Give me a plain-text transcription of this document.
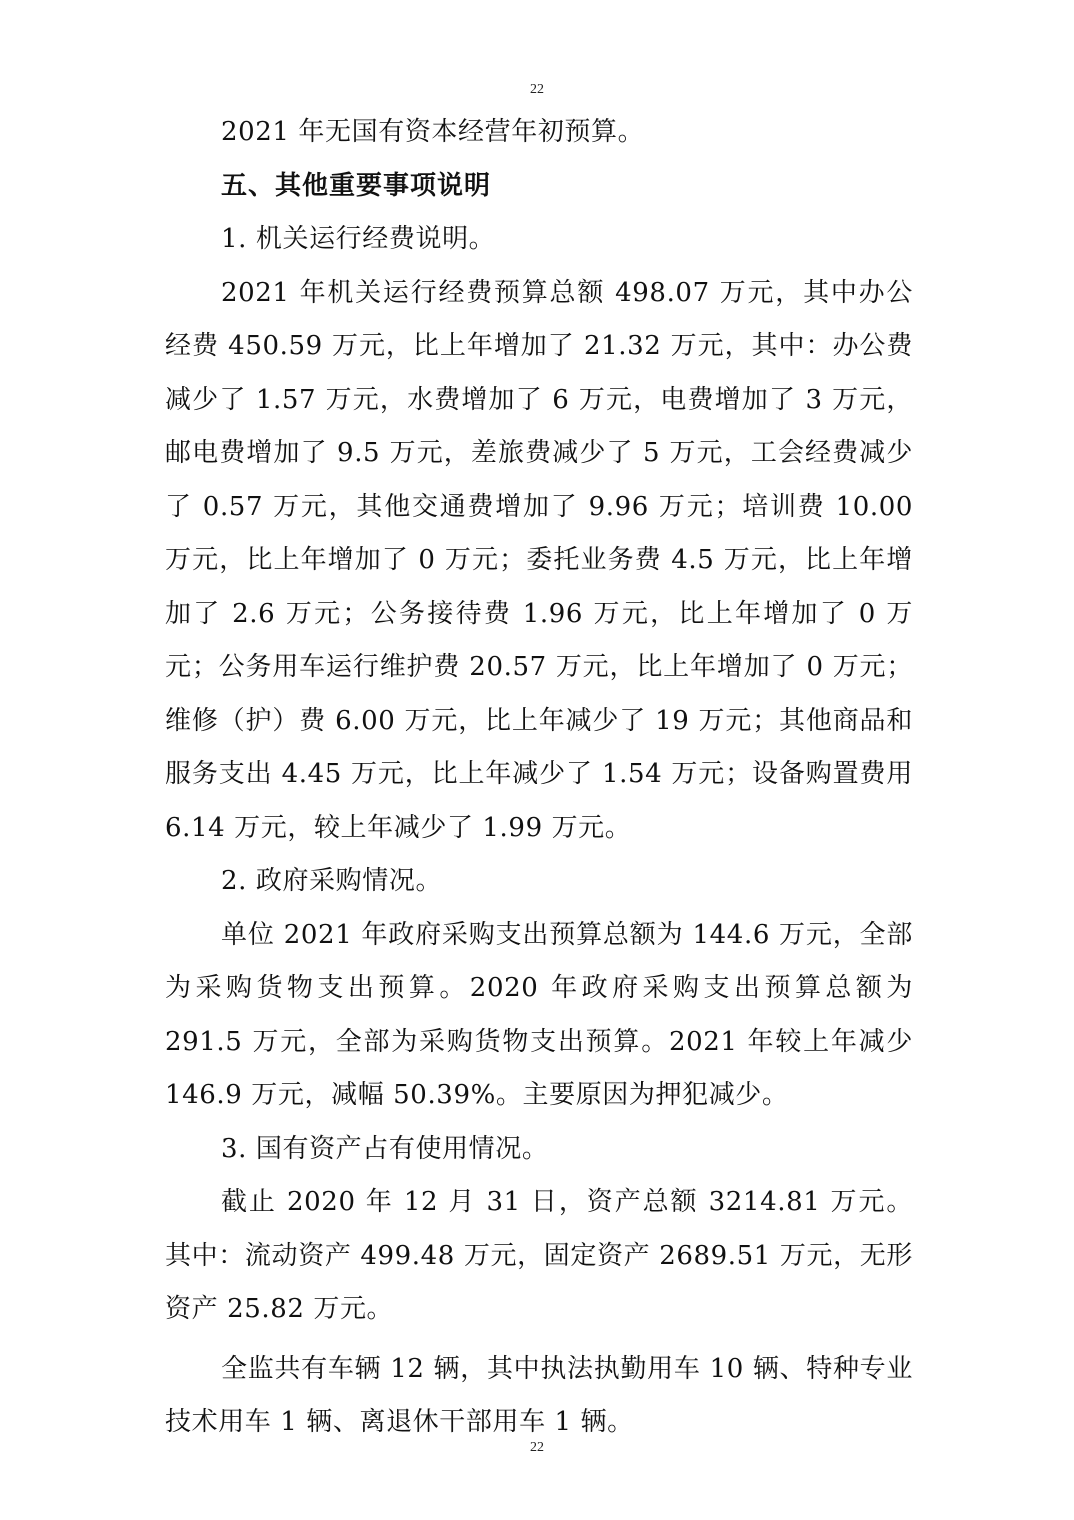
22

2021 年无国有资本经营年初预算。

五、其他重要事项说明

1. 机关运行经费说明。

2021 年机关运行经费预算总额 498.07 万元，其中办公经费 450.59 万元，比上年增加了 21.32 万元，其中：办公费减少了 1.57 万元，水费增加了 6 万元，电费增加了 3 万元，邮电费增加了 9.5 万元，差旅费减少了 5 万元，工会经费减少了 0.57 万元，其他交通费增加了 9.96 万元；培训费 10.00 万元，比上年增加了 0 万元；委托业务费 4.5 万元，比上年增加了 2.6 万元；公务接待费 1.96 万元，比上年增加了 0 万元；公务用车运行维护费 20.57 万元，比上年增加了 0 万元；维修（护）费 6.00 万元，比上年减少了 19 万元；其他商品和服务支出 4.45 万元，比上年减少了 1.54 万元；设备购置费用 6.14 万元，较上年减少了 1.99 万元。

2. 政府采购情况。

单位 2021 年政府采购支出预算总额为 144.6 万元，全部为采购货物支出预算。2020 年政府采购支出预算总额为 291.5 万元，全部为采购货物支出预算。2021 年较上年减少 146.9 万元，减幅 50.39%。主要原因为押犯减少。

3. 国有资产占有使用情况。

截止 2020 年 12 月 31 日，资产总额 3214.81 万元。其中：流动资产 499.48 万元，固定资产 2689.51 万元，无形资产 25.82 万元。

全监共有车辆 12 辆，其中执法执勤用车 10 辆、特种专业技术用车 1 辆、离退休干部用车 1 辆。

22
